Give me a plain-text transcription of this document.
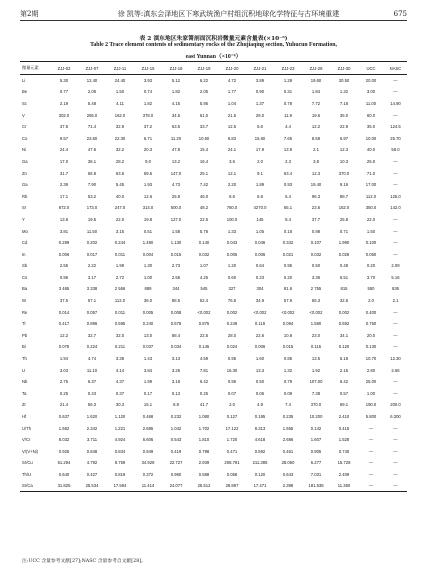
第2期	徐 凯等:滇东会泽地区下寒武统渔户村组沉积地球化学特征与古环境重建	675
表 2 滇东地区朱家箐剖面沉积岩微量元素含量表(×10⁻⁶)
Table 2 Trace element contents of sedimentary rocks of the Zhujiaqing section, Yuhucun Formation,
east Yunnan（×10⁻⁶）
微量元素	ZJJ-02	ZJJ-07	ZJJ-11	ZJJ-15	ZJJ-18	ZJJ-19	ZJJ-20	ZJJ-21	ZJJ-23	ZJJ-28	ZJJ-30	UCC	NASC
Li	5.30	12.40	24.40	3.93	5.12	6.22	4.72	3.89	1.29	19.60	30.50	20.00	—
Be	0.77	2.06	1.50	0.74	1.82	2.05	1.77	0.90	0.31	1.84	1.32	3.00	—
Sc	2.19	5.48	4.11	1.82	4.15	5.95	1.04	1.37	0.78	7.72	7.16	11.00	14.90
V	302.0	265.0	162.0	378.0	34.5	61.0	21.5	26.0	11.9	19.6	35.0	60.0	—
Cr	37.6	71.4	32.9	37.2	63.5	33.7	12.5	5.6	4.4	12.2	22.9	35.0	124.5
Co	9.57	23.60	22.30	6.71	11.20	10.60	6.83	15.60	7.65	8.58	5.97	10.00	25.70
Ni	24.4	47.6	32.2	20.3	47.8	15.4	24.1	17.9	13.9	2.1	12.3	40.0	58.0
Ga	17.0	36.1	28.2	9.0	13.2	16.4	3.6	2.0	2.3	3.8	10.3	25.0	—
Zn	31.7	56.8	63.6	69.5	147.0	25.1	12.1	9.1	63.4	12.3	370.0	71.0	—
Ga	2.39	7.90	5.45	1.93	4.73	7.42	2.20	1.89	0.93	19.40	9.16	17.00	—
Rb	17.1	53.2	40.0	12.6	25.9	46.0	6.6	6.8	5.4	96.3	88.7	112.0	125.0
Sr	872.0	173.0	247.0	314.0	500.0	48.2	760.0	4270.0	65.1	23.6	162.0	350.0	142.0
Y	13.6	19.5	22.0	19.8	127.0	22.5	100.0	145	8.4	37.7	25.8	22.0	—
Mo	3.81	11.50	3.15	0.51	1.58	5.76	1.33	1.05	0.18	0.98	0.71	1.50	—
Cd	0.299	0.202	0.244	1.480	1.130	0.140	0.043	0.046	0.342	0.107	1.990	0.100	—
In	0.006	0.017	0.011	0.004	0.015	0.032	0.005	0.006	0.021	0.032	0.028	0.050	—
Sb	2.55	2.22	1.99	1.30	2.73	1.07	1.20	0.64	0.95	0.50	0.49	0.20	2.09
Cs	0.96	3.17	2.72	1.00	2.56	4.25	0.60	0.23	0.20	3.36	5.51	3.70	5.16
Ba	3 465	3 338	2 566	889	344	545	327	304	81.6	2 755	815	550	636
W	37.5	57.1	112.0	36.0	88.5	52.4	76.6	34.9	57.9	65.3	32.6	2.0	2.1
Re	0.014	0.057	0.011	0.005	0.008	<0.002	0.002	<0.002	<0.002	<0.002	0.002	0.400	—
Tl	0.417	0.896	0.595	0.240	0.678	0.875	0.249	0.118	0.094	1.590	0.692	0.750	—
Pb	12.2	32.7	32.0	13.0	88.4	22.5	28.0	22.6	10.8	23.0	34.1	20.0	—
Bi	0.078	0.224	0.211	0.037	0.034	0.145	0.024	0.006	0.015	0.115	0.120	0.130	—
Th	1.94	4.74	3.39	1.43	3.13	4.59	0.95	1.60	0.85	13.5	5.18	10.70	12.30
U	3.03	11.10	4.14	3.84	3.26	7.81	16.30	13.3	1.32	1.92	2.15	2.80	2.66
Nb	2.75	6.37	4.37	1.99	3.18	6.42	0.95	0.50	0.79	107.00	6.42	25.00	—
Ta	0.25	0.43	0.37	0.17	0.13	0.25	0.07	0.06	0.09	7.38	0.57	1.00	—
Zr	21.4	56.3	30.3	15.1	6.8	41.7	2.0	4.9	7.4	370.0	69.1	190.0	200.0
Hf	0.637	1.620	1.120	0.468	0.232	1.080	0.127	0.195	0.235	10.200	2.410	5.800	6.300
U/Th	1.562	2.342	1.221	2.685	1.042	1.702	17.122	8.313	1.555	0.142	0.415	—	—
V/Cr	8.032	3.711	4.924	6.606	0.543	1.810	1.720	4.618	2.686	1.607	1.528	—	—
V/(V+Ni)	0.925	0.848	0.834	0.949	0.419	0.798	0.471	0.592	0.461	0.905	0.740	—	—
Sr/Cu	51.294	4.792	8.759	34.928	22.727	2.939	208.791	211.386	28.060	6.277	15.728	—	—
Th/U	0.640	0.427	0.819	0.372	0.960	0.588	0.058	0.120	0.643	7.031	2.409	—	—
Sr/Ca	31.825	25.534	17.594	11.414	24.077	25.512	28.897	17.471	2.398	181.538	11.360	—	—
注:UCC 含量参考文献[27];NASC 含量参考自文献[28]。
